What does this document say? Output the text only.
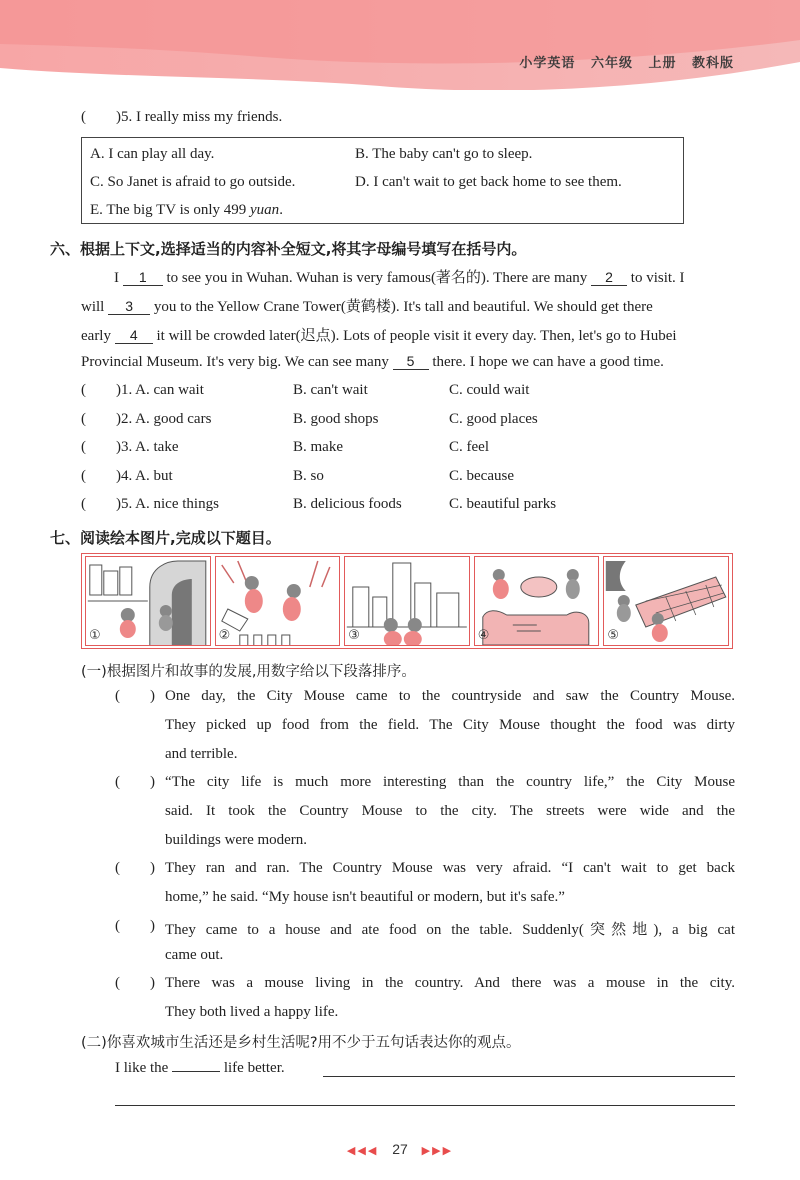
小学英语 六年级 上册 教科版
( )5. I really miss my friends.
A. I can play all day.	B. The baby can't go to sleep.
C. So Janet is afraid to go outside.	D. I can't wait to get back home to see them.
E. The big TV is only 499 yuan.
六、根据上下文,选择适当的内容补全短文,将其字母编号填写在括号内。
I 1 to see you in Wuhan. Wuhan is very famous(著名的). There are many 2 to visit. I
will 3 you to the Yellow Crane Tower(黄鹤楼). It's tall and beautiful. We should get there
early 4 it will be crowded later(迟点). Lots of people visit it every day. Then, let's go to Hubei
Provincial Museum. It's very big. We can see many 5 there. I hope we can have a good time.
( )1. A. can wait	B. can't wait	C. could wait
( )2. A. good cars	B. good shops	C. good places
( )3. A. take	B. make	C. feel
( )4. A. but	B. so	C. because
( )5. A. nice things	B. delicious foods	C. beautiful parks
七、阅读绘本图片,完成以下题目。
①	②	③	④	⑤
(一)根据图片和故事的发展,用数字给以下段落排序。
( ) One day, the City Mouse came to the countryside and saw the Country Mouse.
They picked up food from the field. The City Mouse thought the food was dirty
and terrible.
( ) “The city life is much more interesting than the country life,” the City Mouse
said. It took the Country Mouse to the city. The streets were wide and the
buildings were modern.
( ) They ran and ran. The Country Mouse was very afraid. “I can't wait to get back
home,” he said. “My house isn't beautiful or modern, but it's safe.”
( ) They came to a house and ate food on the table. Suddenly(突然地), a big cat
came out.
( ) There was a mouse living in the country. And there was a mouse in the city.
They both lived a happy life.
(二)你喜欢城市生活还是乡村生活呢?用不少于五句话表达你的观点。
I like the	life better.
◀◀◀ 27 ▶▶▶
